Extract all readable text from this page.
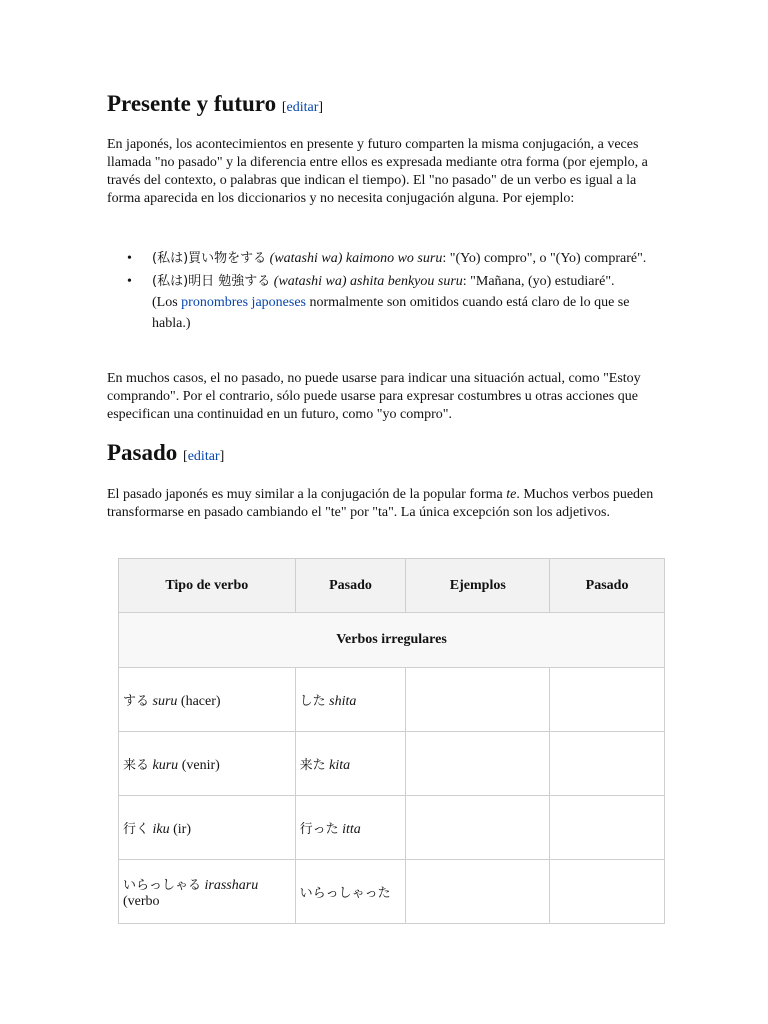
Presente y futuro [editar]

En japonés, los acontecimientos en presente y futuro comparten la misma conjugación, a veces llamada "no pasado" y la diferencia entre ellos es expresada mediante otra forma (por ejemplo, a través del contexto, o palabras que indican el tiempo). El "no pasado" de un verbo es igual a la forma aparecida en los diccionarios y no necesita conjugación alguna. Por ejemplo:

• (私は)買い物をする (watashi wa) kaimono wo suru: "(Yo) compro", o "(Yo) compraré".
• (私は)明日 勉強する (watashi wa) ashita benkyou suru: "Mañana, (yo) estudiaré".
(Los pronombres japoneses normalmente son omitidos cuando está claro de lo que se habla.)

En muchos casos, el no pasado, no puede usarse para indicar una situación actual, como "Estoy comprando". Por el contrario, sólo puede usarse para expresar costumbres u otras acciones que especifican una continuidad en un futuro, como "yo compro".

Pasado [editar]

El pasado japonés es muy similar a la conjugación de la popular forma te. Muchos verbos pueden transformarse en pasado cambiando el "te" por "ta". La única excepción son los adjetivos.

Tipo de verbo	Pasado	Ejemplos	Pasado
Verbos irregulares			
する suru (hacer)	した shita		
来る kuru (venir)	来た kita		
行く iku (ir)	行った itta		
いらっしゃる irassharu (verbo	いらっしゃった		
